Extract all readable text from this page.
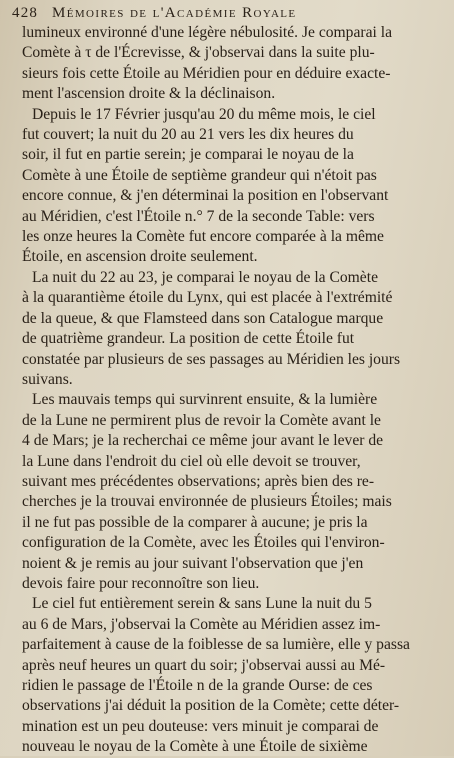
428 Mémoires de l'Académie Royale
lumineux environné d'une légère nébulosité. Je comparai la
Comète à τ de l'Écrevisse, & j'observai dans la suite plu-
sieurs fois cette Étoile au Méridien pour en déduire exacte-
ment l'ascension droite & la déclinaison.
Depuis le 17 Février jusqu'au 20 du même mois, le ciel
fut couvert; la nuit du 20 au 21 vers les dix heures du
soir, il fut en partie serein; je comparai le noyau de la
Comète à une Étoile de septième grandeur qui n'étoit pas
encore connue, & j'en déterminai la position en l'observant
au Méridien, c'est l'Étoile n.° 7 de la seconde Table: vers
les onze heures la Comète fut encore comparée à la même
Étoile, en ascension droite seulement.
La nuit du 22 au 23, je comparai le noyau de la Comète
à la quarantième étoile du Lynx, qui est placée à l'extrémité
de la queue, & que Flamsteed dans son Catalogue marque
de quatrième grandeur. La position de cette Étoile fut
constatée par plusieurs de ses passages au Méridien les jours
suivans.
Les mauvais temps qui survinrent ensuite, & la lumière
de la Lune ne permirent plus de revoir la Comète avant le
4 de Mars; je la recherchai ce même jour avant le lever de
la Lune dans l'endroit du ciel où elle devoit se trouver,
suivant mes précédentes observations; après bien des re-
cherches je la trouvai environnée de plusieurs Étoiles; mais
il ne fut pas possible de la comparer à aucune; je pris la
configuration de la Comète, avec les Étoiles qui l'environ-
noient & je remis au jour suivant l'observation que j'en
devois faire pour reconnoître son lieu.
Le ciel fut entièrement serein & sans Lune la nuit du 5
au 6 de Mars, j'observai la Comète au Méridien assez im-
parfaitement à cause de la foiblesse de sa lumière, elle y passa
après neuf heures un quart du soir; j'observai aussi au Mé-
ridien le passage de l'Étoile n de la grande Ourse: de ces
observations j'ai déduit la position de la Comète; cette déter-
mination est un peu douteuse: vers minuit je comparai de
nouveau le noyau de la Comète à une Étoile de sixième
